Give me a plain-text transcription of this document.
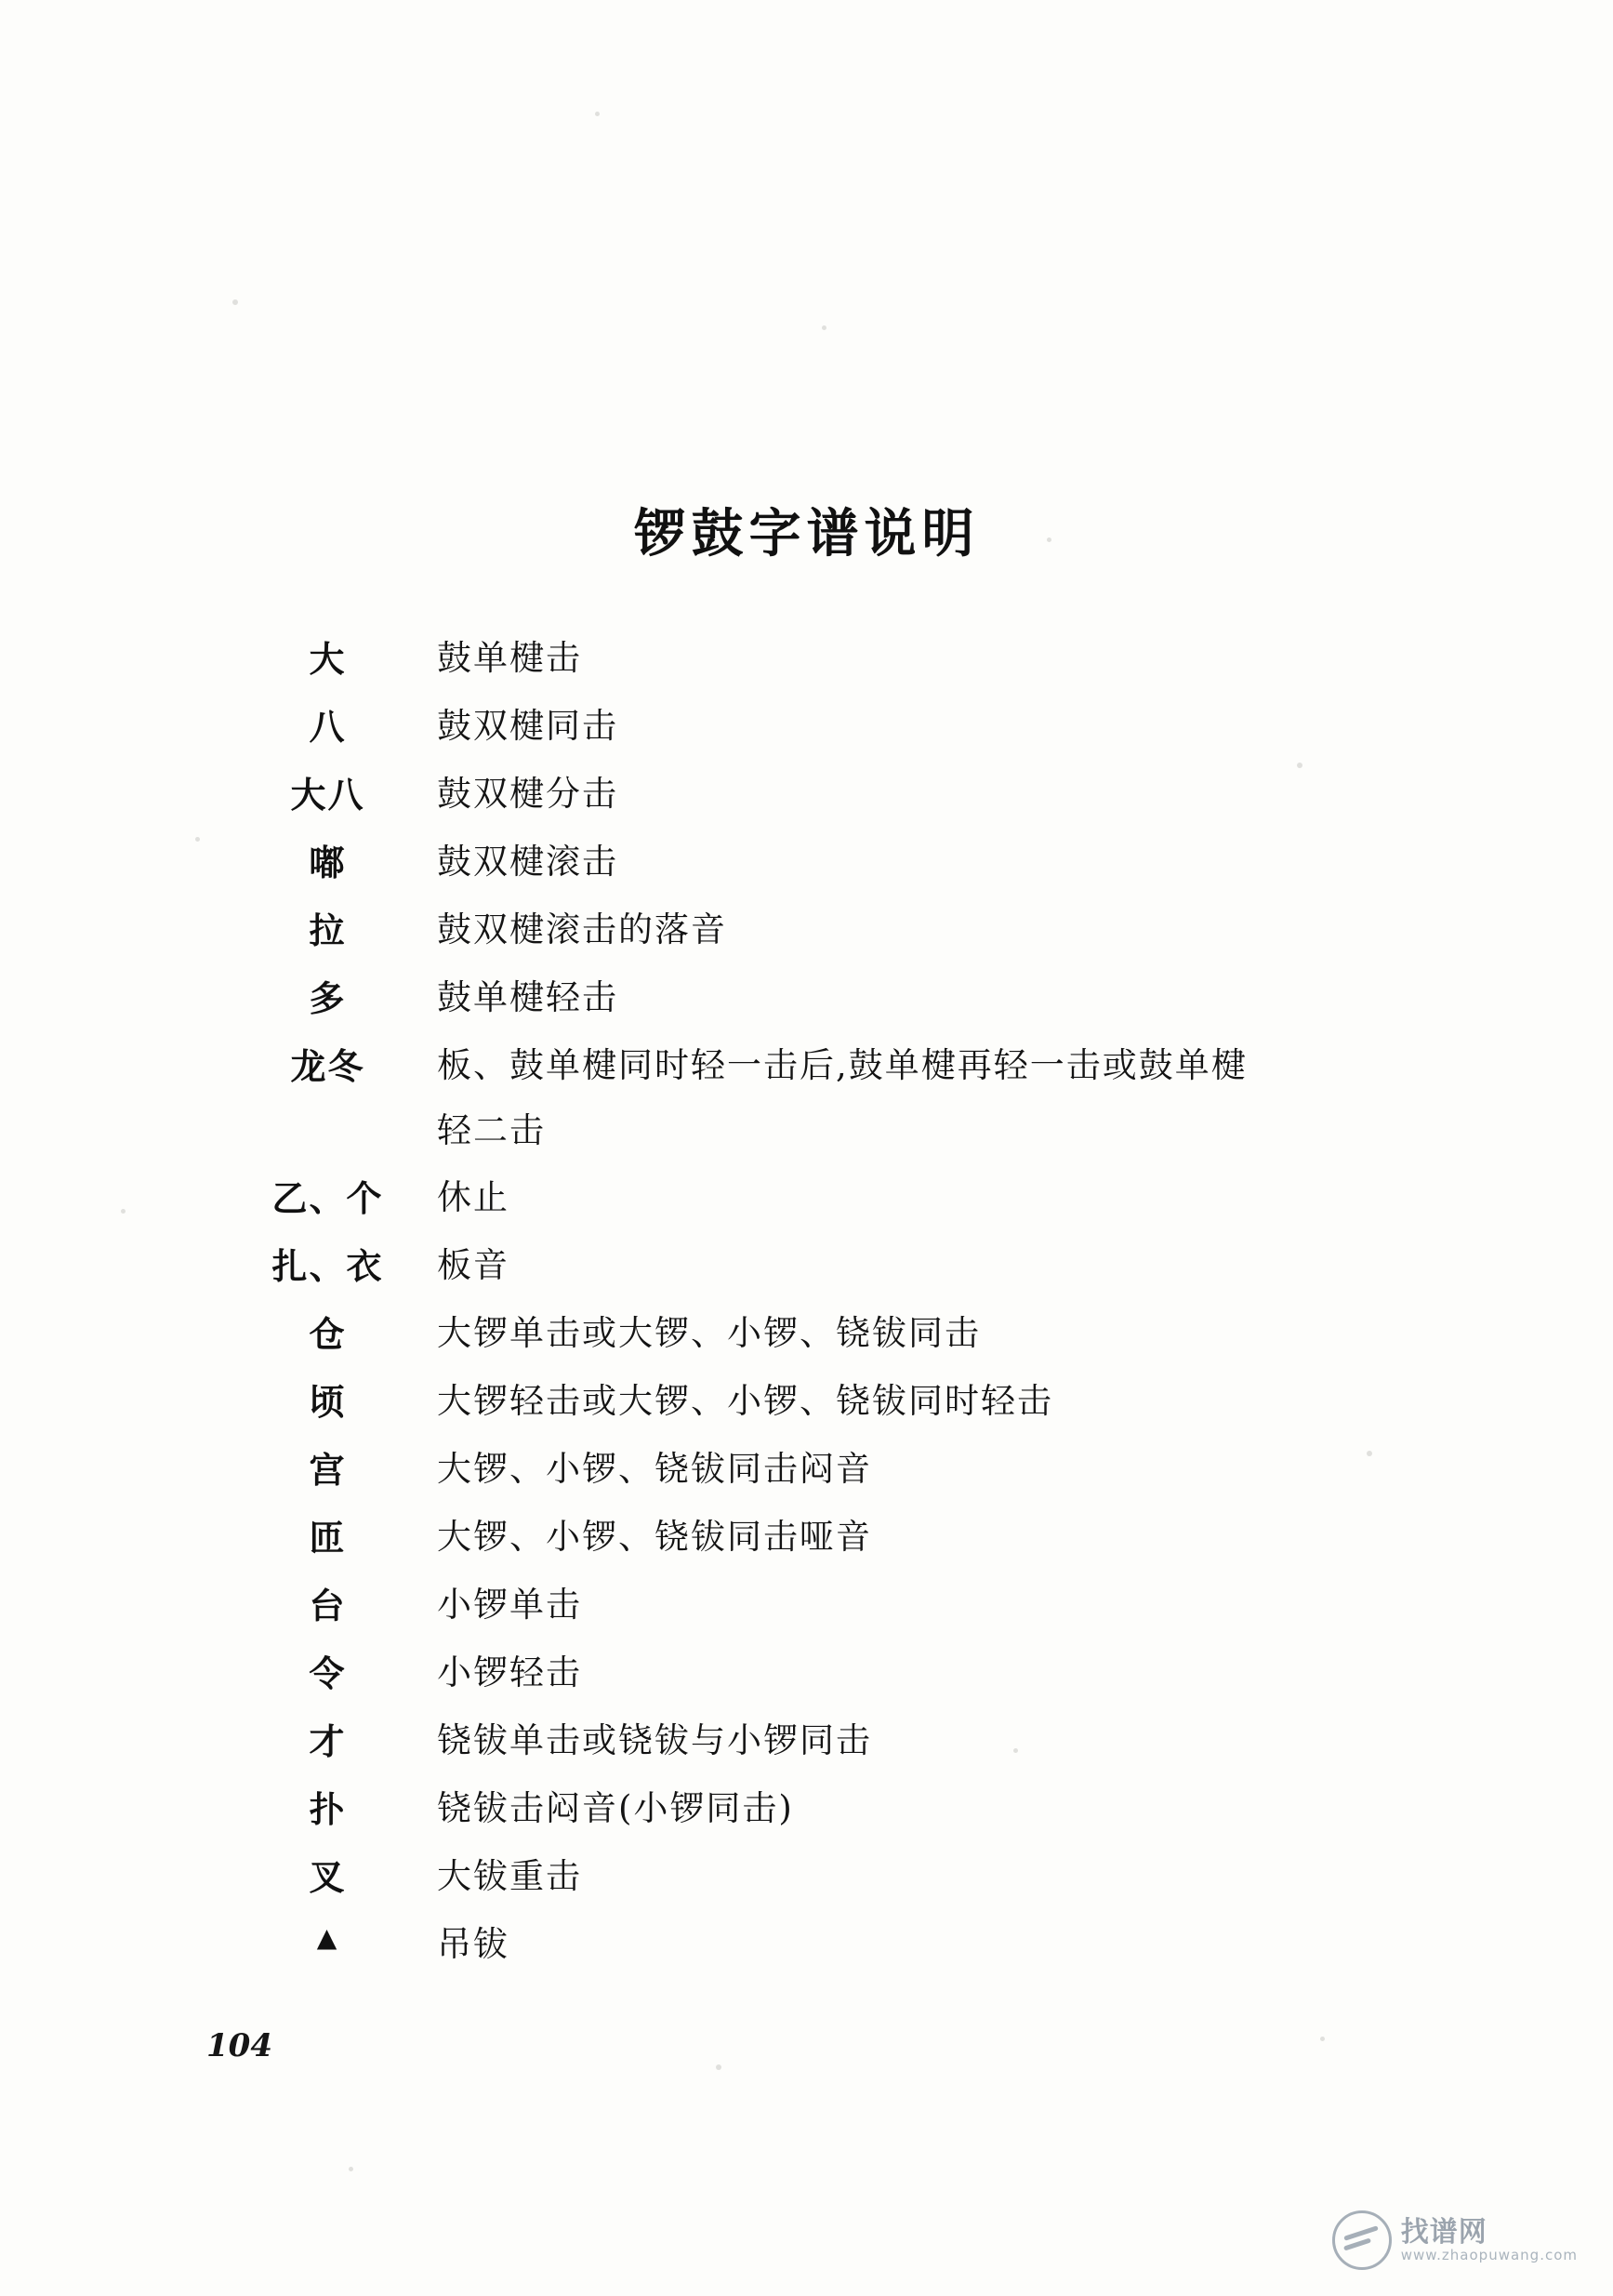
锣鼓字谱说明
大	鼓单楗击
八	鼓双楗同击
大八	鼓双楗分击
嘟	鼓双楗滚击
拉	鼓双楗滚击的落音
多	鼓单楗轻击
龙冬	板、鼓单楗同时轻一击后,鼓单楗再轻一击或鼓单楗
轻二击
乙、个	休止
扎、衣	板音
仓	大锣单击或大锣、小锣、铙钹同击
顷	大锣轻击或大锣、小锣、铙钹同时轻击
宫	大锣、小锣、铙钹同击闷音
匝	大锣、小锣、铙钹同击哑音
台	小锣单击
令	小锣轻击
才	铙钹单击或铙钹与小锣同击
扑	铙钹击闷音(小锣同击)
叉	大钹重击
▲	吊钹
104
找谱网
www.zhaopuwang.com
